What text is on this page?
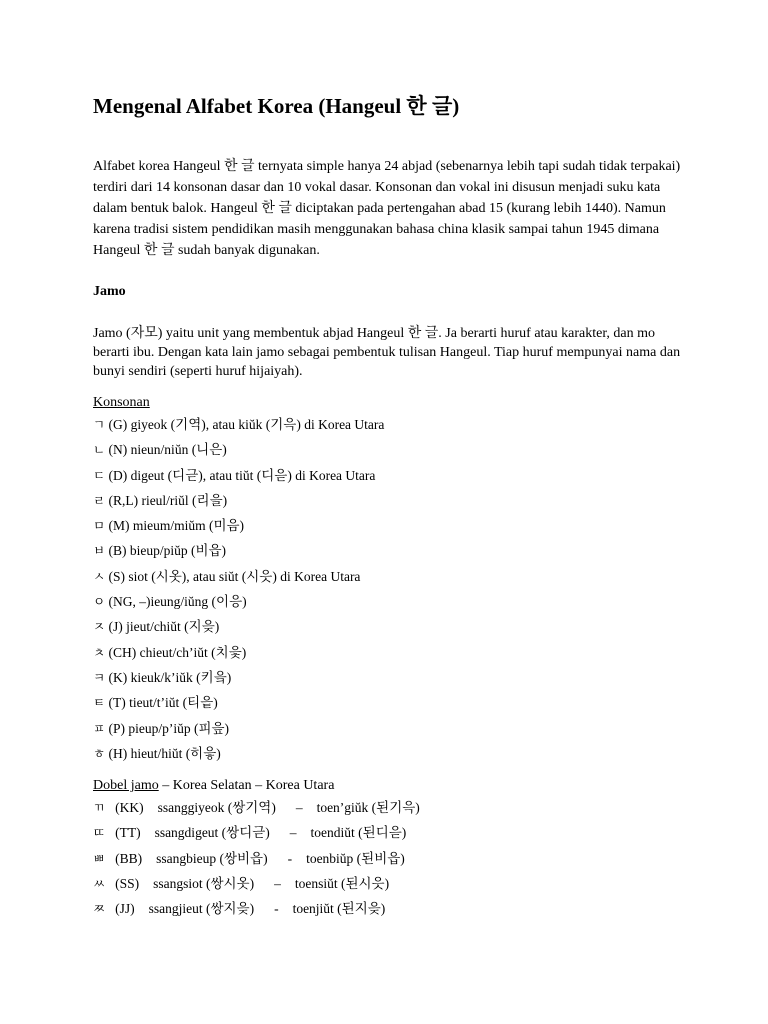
Mengenal Alfabet Korea (Hangeul 한 글)

Alfabet korea Hangeul 한 글 ternyata simple hanya 24 abjad (sebenarnya lebih tapi sudah tidak terpakai) terdiri dari 14 konsonan dasar dan 10 vokal dasar. Konsonan dan vokal ini disusun menjadi suku kata dalam bentuk balok. Hangeul 한 글 diciptakan pada pertengahan abad 15 (kurang lebih 1440). Namun karena tradisi sistem pendidikan masih menggunakan bahasa china klasik sampai tahun 1945 dimana Hangeul 한 글 sudah banyak digunakan.

Jamo

Jamo (자모) yaitu unit yang membentuk abjad Hangeul 한 글. Ja berarti huruf atau karakter, dan mo berarti ibu. Dengan kata lain jamo sebagai pembentuk tulisan Hangeul. Tiap huruf mempunyai nama dan bunyi sendiri (seperti huruf hijaiyah).

Konsonan

ㄱ (G) giyeok (기역), atau kiŭk (기윽) di Korea Utara
ㄴ (N) nieun/niŭn (니은)
ㄷ (D) digeut (디귿), atau tiŭt (디읃) di Korea Utara
ㄹ (R,L) rieul/riŭl (리을)
ㅁ (M) mieum/miŭm (미음)
ㅂ (B) bieup/piŭp (비읍)
ㅅ (S) siot (시옷), atau siŭt (시읏) di Korea Utara
ㅇ (NG, –)ieung/iŭng (이응)
ㅈ (J) jieut/chiŭt (지읒)
ㅊ (CH) chieut/ch’iŭt (치읓)
ㅋ (K) kieuk/k’iŭk (키읔)
ㅌ (T) tieut/t’iŭt (티읕)
ㅍ (P) pieup/p’iŭp (피읖)
ㅎ (H) hieut/hiŭt (히읗)

Dobel jamo – Korea Selatan – Korea Utara

ㄲ (KK) ssanggiyeok (쌍기역) – toen’giŭk (된기윽)
ㄸ (TT) ssangdigeut (쌍디귿) – toendiŭt (된디읃)
ㅃ (BB) ssangbieup (쌍비읍) - toenbiŭp (된비읍)
ㅆ (SS) ssangsiot (쌍시옷) – toensiŭt (된시읏)
ㅉ (JJ) ssangjieut (쌍지읒) - toenjiŭt (된지읒)
